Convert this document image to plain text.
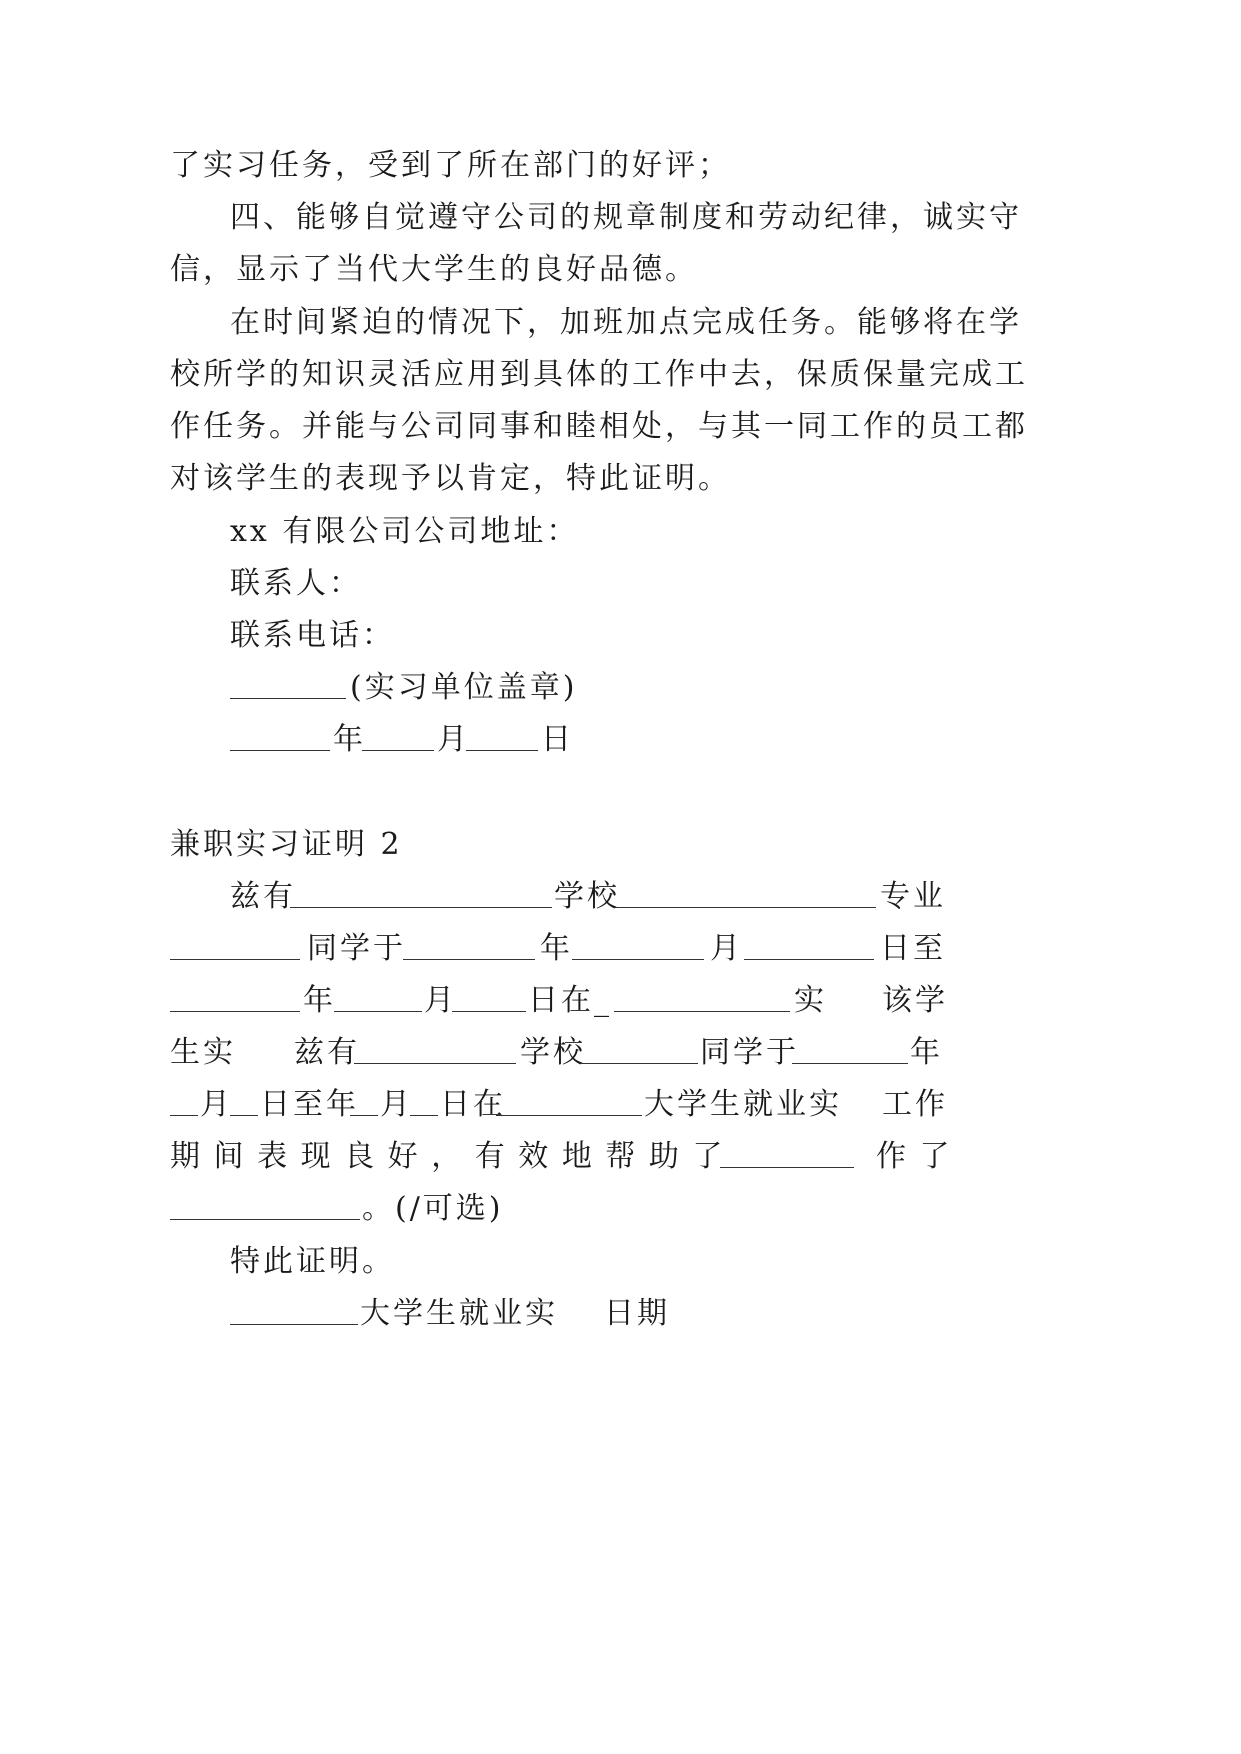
了实习任务，受到了所在部门的好评；

四、能够自觉遵守公司的规章制度和劳动纪律，诚实守

信，显示了当代大学生的良好品德。

在时间紧迫的情况下，加班加点完成任务。能够将在学

校所学的知识灵活应用到具体的工作中去，保质保量完成工

作任务。并能与公司同事和睦相处，与其一同工作的员工都

对该学生的表现予以肯定，特此证明。

xx 有限公司公司地址：

联系人：

联系电话：

(实习单位盖章)

年

月

日

兼职实习证明 2

兹有

	学校

	专业

同学于

	年

	月

	日至

年

	月

日在_

	实

该学

生实

兹有

	学校

	同学于

	年

月

日至年

月

日在

	大学生就业实

工作

期 间 表 现 良 好 ， 有 效 地 帮 助 了

	作 了

。(/可选)

特此证明。

大学生就业实

日期
